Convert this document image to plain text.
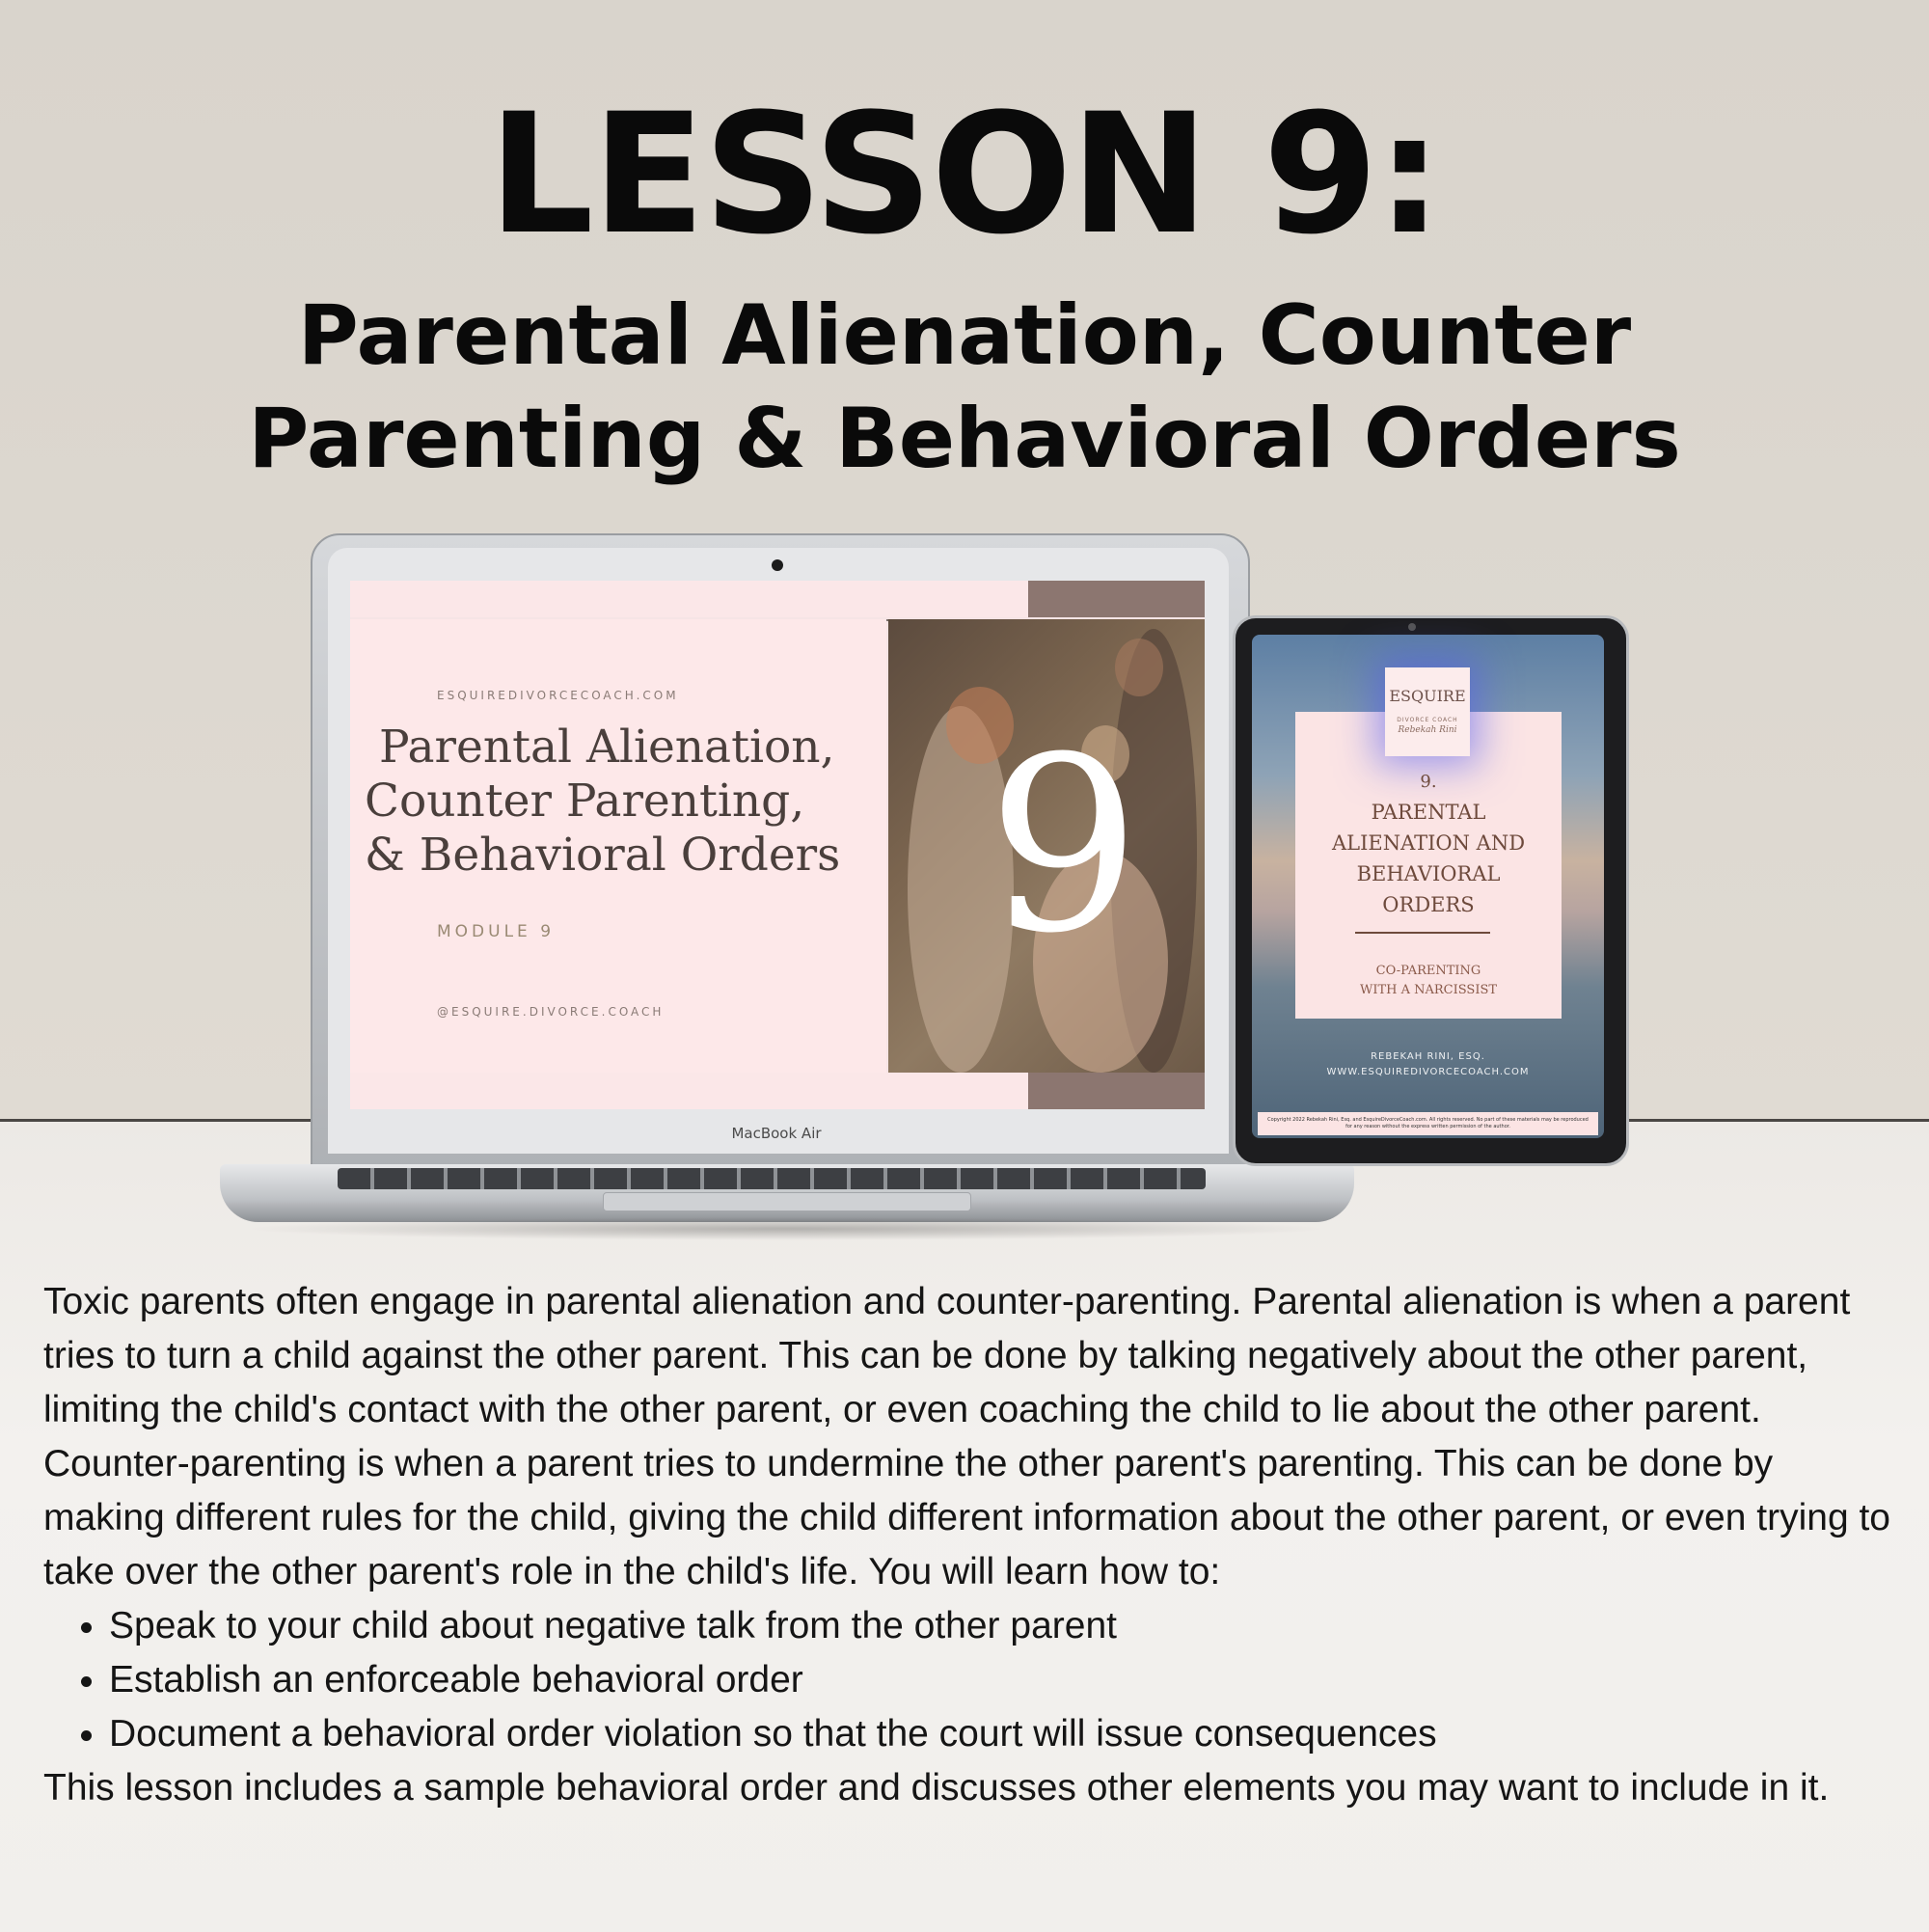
LESSON 9:
Parental Alienation, Counter
Parenting & Behavioral Orders
ESQUIREDIVORCECOACH.COM
Parental Alienation,
Counter Parenting,
& Behavioral Orders
MODULE 9
@ESQUIRE.DIVORCE.COACH
9
MacBook Air
ESQUIRE
DIVORCE COACH
Rebekah Rini
9.
PARENTAL
ALIENATION AND
BEHAVIORAL
ORDERS
CO-PARENTING
WITH A NARCISSIST
REBEKAH RINI, ESQ.
WWW.ESQUIREDIVORCECOACH.COM
Copyright 2022 Rebekah Rini, Esq. and EsquireDivorceCoach.com. All rights reserved. No part of these materials may be reproduced for any reason without the express written permission of the author.

Toxic parents often engage in parental alienation and counter-parenting. Parental alienation is when a parent tries to turn a child against the other parent. This can be done by talking negatively about the other parent, limiting the child's contact with the other parent, or even coaching the child to lie about the other parent. Counter-parenting is when a parent tries to undermine the other parent's parenting. This can be done by making different rules for the child, giving the child different information about the other parent, or even trying to take over the other parent's role in the child's life. You will learn how to:

• Speak to your child about negative talk from the other parent
• Establish an enforceable behavioral order
• Document a behavioral order violation so that the court will issue consequences

This lesson includes a sample behavioral order and discusses other elements you may want to include in it.
